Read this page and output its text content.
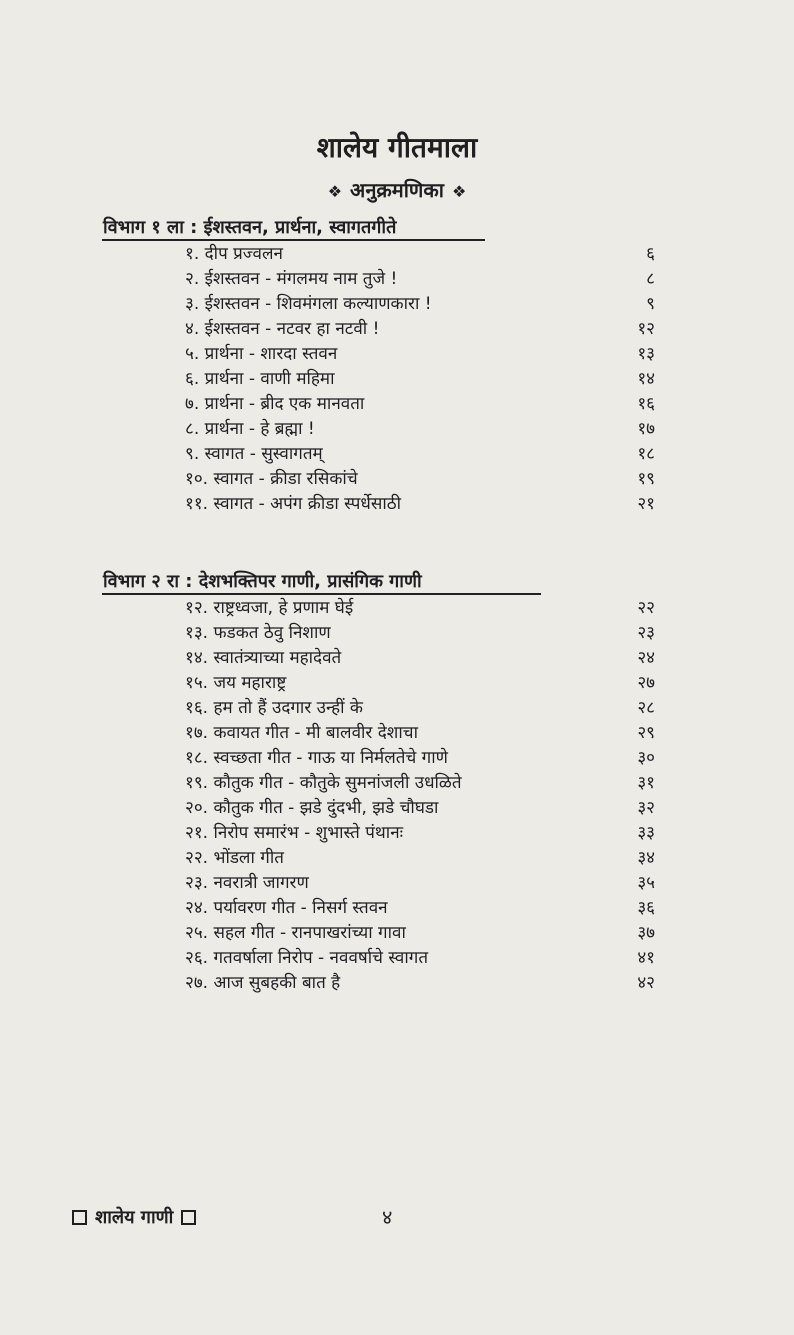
शालेय गीतमाला
❖ अनुक्रमणिका ❖
विभाग १ ला : ईशस्तवन, प्रार्थना, स्वागतगीते
१. दीप प्रज्वलन	६
२. ईशस्तवन - मंगलमय नाम तुजे !	८
३. ईशस्तवन - शिवमंगला कल्याणकारा !	९
४. ईशस्तवन - नटवर हा नटवी !	१२
५. प्रार्थना - शारदा स्तवन	१३
६. प्रार्थना - वाणी महिमा	१४
७. प्रार्थना - ब्रीद एक मानवता	१६
८. प्रार्थना - हे ब्रह्मा !	१७
९. स्वागत - सुस्वागतम्	१८
१०. स्वागत - क्रीडा रसिकांचे	१९
११. स्वागत - अपंग क्रीडा स्पर्धेसाठी	२१
विभाग २ रा : देशभक्तिपर गाणी, प्रासंगिक गाणी
१२. राष्ट्रध्वजा, हे प्रणाम घेई	२२
१३. फडकत ठेवु निशाण	२३
१४. स्वातंत्र्याच्या महादेवते	२४
१५. जय महाराष्ट्र	२७
१६. हम तो हैं उदगार उन्हीं के	२८
१७. कवायत गीत - मी बालवीर देशाचा	२९
१८. स्वच्छता गीत - गाऊ या निर्मलतेचे गाणे	३०
१९. कौतुक गीत - कौतुके सुमनांजली उधळिते	३१
२०. कौतुक गीत - झडे दुंदभी, झडे चौघडा	३२
२१. निरोप समारंभ - शुभास्ते पंथानः	३३
२२. भोंडला गीत	३४
२३. नवरात्री जागरण	३५
२४. पर्यावरण गीत - निसर्ग स्तवन	३६
२५. सहल गीत - रानपाखरांच्या गावा	३७
२६. गतवर्षाला निरोप - नववर्षाचे स्वागत	४१
२७. आज सुबहकी बात है	४२
शालेय गाणी	४
